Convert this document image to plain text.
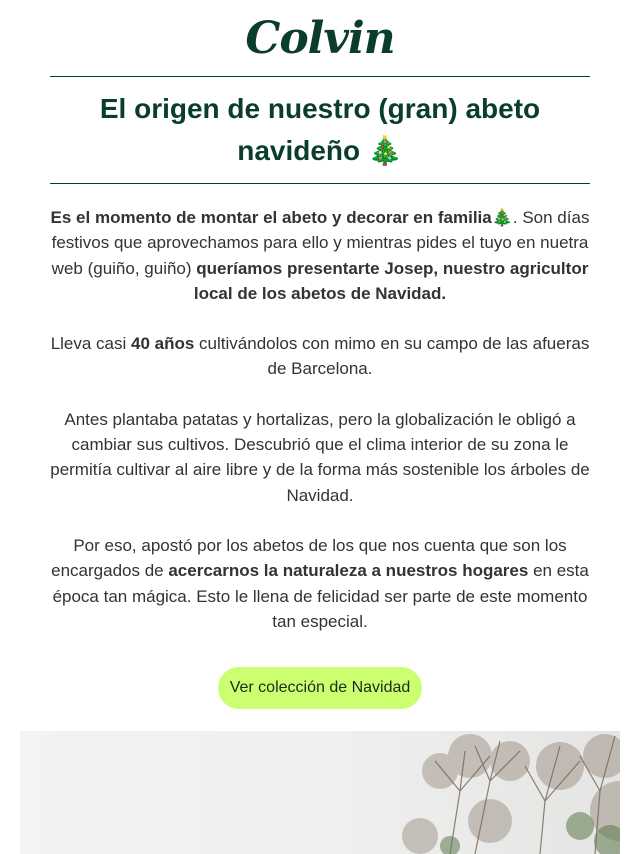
Colvin
El origen de nuestro (gran) abeto navideño 🎄

Es el momento de montar el abeto y decorar en familia🎄. Son días festivos que aprovechamos para ello y mientras pides el tuyo en nuetra web (guiño, guiño) queríamos presentarte Josep, nuestro agricultor local de los abetos de Navidad.

Lleva casi 40 años cultivándolos con mimo en su campo de las afueras de Barcelona.

Antes plantaba patatas y hortalizas, pero la globalización le obligó a cambiar sus cultivos. Descubrió que el clima interior de su zona le permitía cultivar al aire libre y de la forma más sostenible los árboles de Navidad.

Por eso, apostó por los abetos de los que nos cuenta que son los encargados de acercarnos la naturaleza a nuestros hogares en esta época tan mágica. Esto le llena de felicidad ser parte de este momento tan especial.

Ver colección de Navidad
